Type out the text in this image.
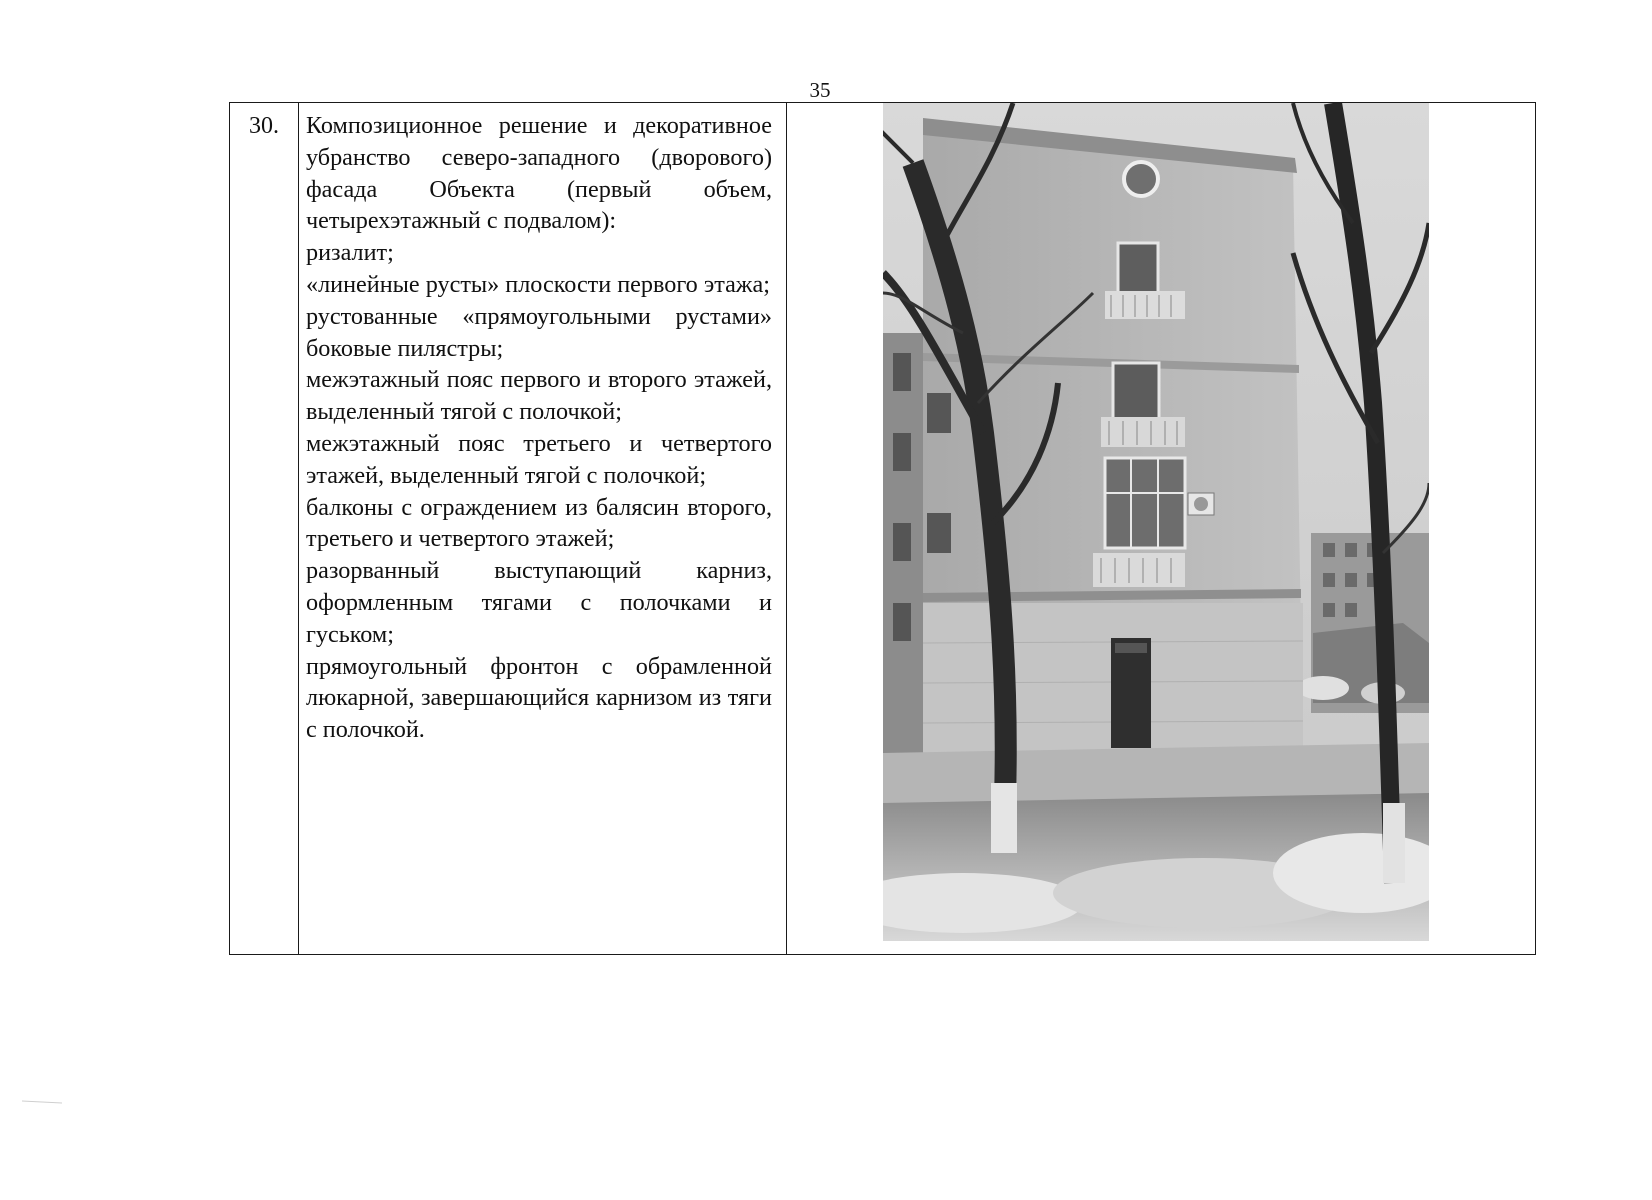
35
30.	Композиционное решение и декоративное убранство северо-западного (дворового) фасада Объекта (первый объем, четырехэтажный с подвалом):

ризалит;

«линейные русты» плоскости первого этажа;

рустованные «прямоугольными рустами» боковые пилястры;

межэтажный пояс первого и второго этажей, выделенный тягой с полочкой;

межэтажный пояс третьего и четвертого этажей, выделенный тягой с полочкой;

балконы с ограждением из балясин второго, третьего и четвертого этажей;

разорванный выступающий карниз, оформленным тягами с полочками и гуськом;

прямоугольный фронтон с обрамленной люкарной, завершающийся карнизом из тяги с полочкой.
